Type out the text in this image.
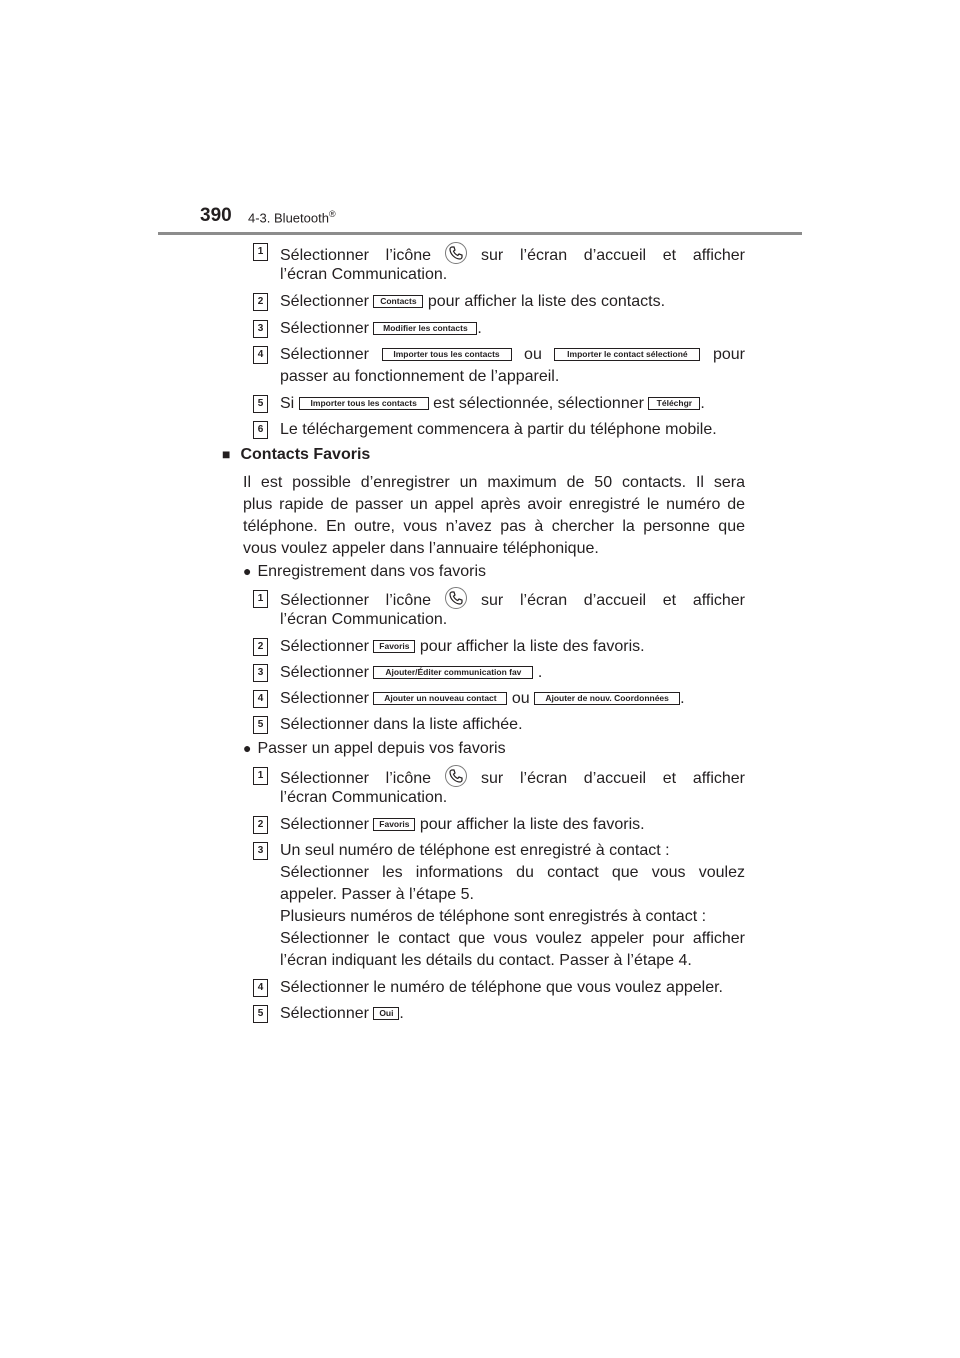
390 4-3. Bluetooth®
1 Sélectionner l’icône	sur l’écran d’accueil et afficher
l’écran Communication.
2 Sélectionner Contacts pour afficher la liste des contacts.
3 Sélectionner Modifier les contacts .
4 Sélectionner	Importer tous les contacts ou	Importer le contact sélectioné pour
passer au fonctionnement de l’appareil.
5 Si Importer tous les contacts est sélectionnée, sélectionner Téléchgr .
6 Le téléchargement commencera à partir du téléphone mobile.
■ Contacts Favoris
Il est possible d’enregistrer un maximum de 50 contacts. Il sera
plus rapide de passer un appel après avoir enregistré le numéro de
téléphone. En outre, vous n’avez pas à chercher la personne que
vous voulez appeler dans l’annuaire téléphonique.
● Enregistrement dans vos favoris
1 Sélectionner l’icône	sur l’écran d’accueil et afficher
l’écran Communication.
2 Sélectionner Favoris pour afficher la liste des favoris.
3 Sélectionner Ajouter/Éditer communication fav .
4 Sélectionner Ajouter un nouveau contact ou Ajouter de nouv. Coordonnées .
5 Sélectionner dans la liste affichée.
● Passer un appel depuis vos favoris
1 Sélectionner l’icône	sur l’écran d’accueil et afficher
l’écran Communication.
2 Sélectionner Favoris pour afficher la liste des favoris.
3 Un seul numéro de téléphone est enregistré à contact :
Sélectionner les informations du contact que vous voulez
appeler. Passer à l’étape 5.
Plusieurs numéros de téléphone sont enregistrés à contact :
Sélectionner le contact que vous voulez appeler pour afficher
l’écran indiquant les détails du contact. Passer à l’étape 4.
4 Sélectionner le numéro de téléphone que vous voulez appeler.
5 Sélectionner Oui .
